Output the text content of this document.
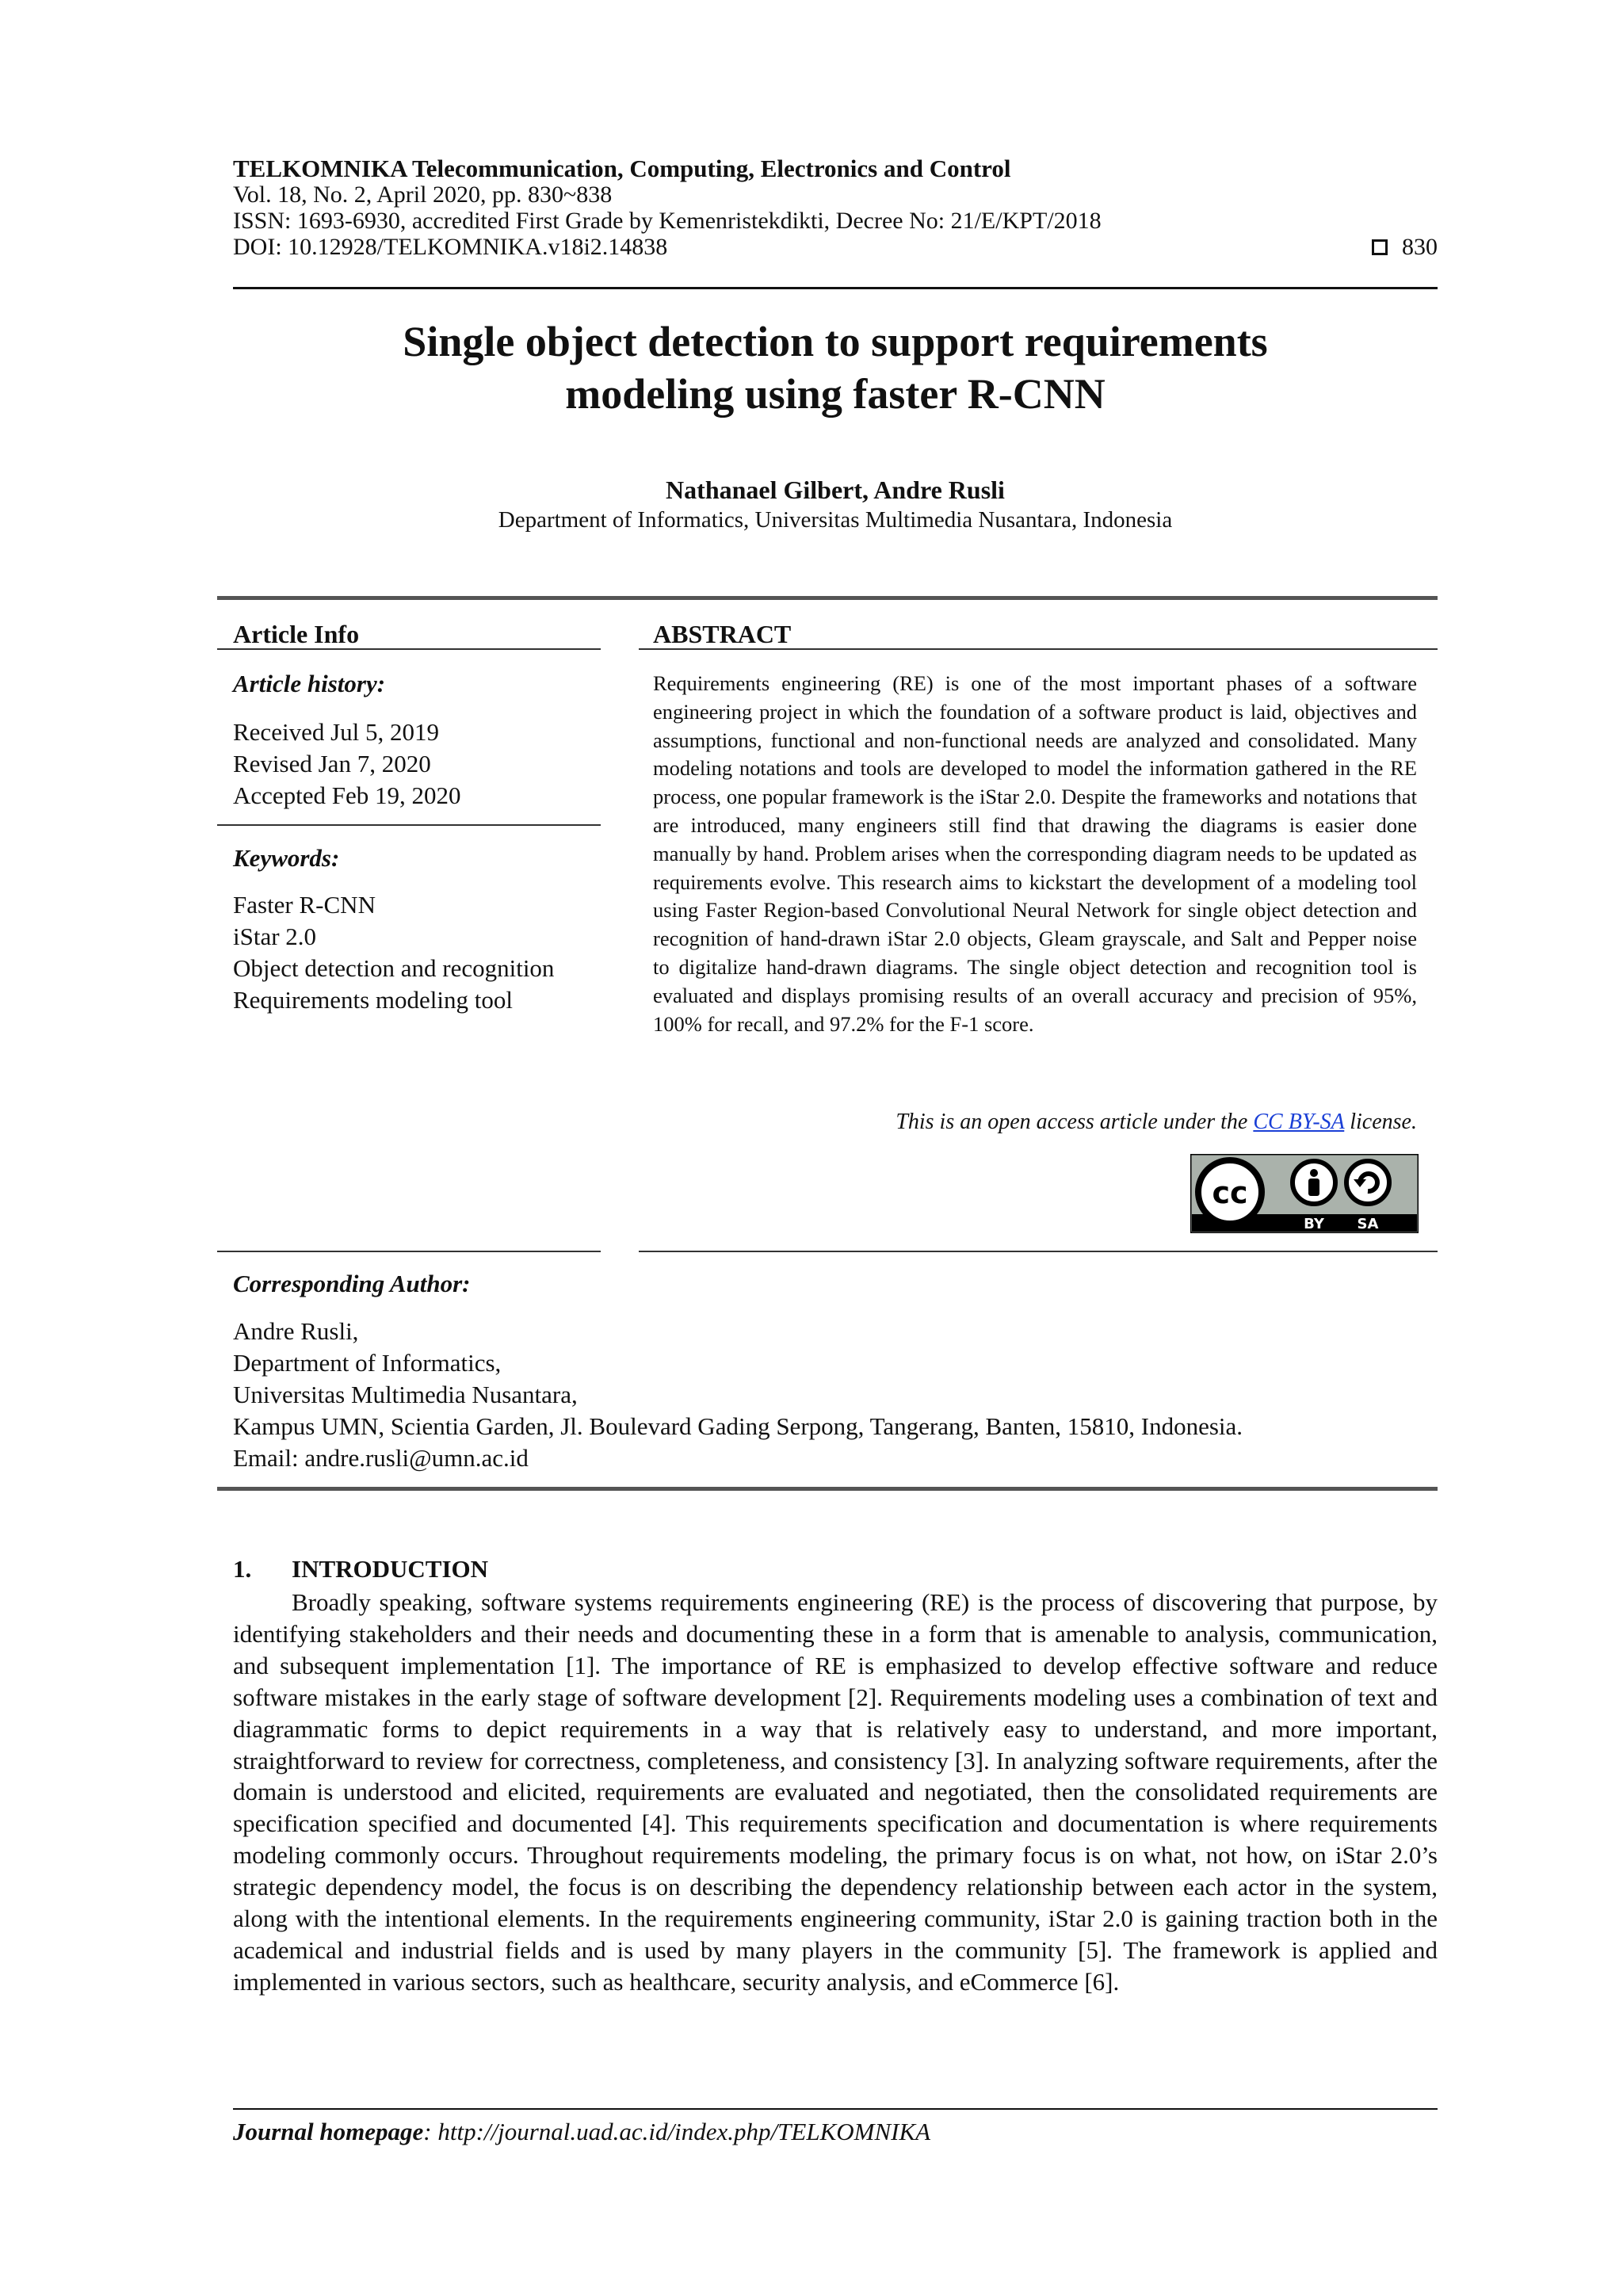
TELKOMNIKA Telecommunication, Computing, Electronics and Control
Vol. 18, No. 2, April 2020, pp. 830~838
ISSN: 1693-6930, accredited First Grade by Kemenristekdikti, Decree No: 21/E/KPT/2018
DOI: 10.12928/TELKOMNIKA.v18i2.14838	830
Single object detection to support requirements
modeling using faster R-CNN
Nathanael Gilbert, Andre Rusli
Department of Informatics, Universitas Multimedia Nusantara, Indonesia
Article Info
Article history:
Received Jul 5, 2019
Revised Jan 7, 2020
Accepted Feb 19, 2020
Keywords:
Faster R-CNN
iStar 2.0
Object detection and recognition
Requirements modeling tool
ABSTRACT
Requirements engineering (RE) is one of the most important phases of a software engineering project in which the foundation of a software product is laid, objectives and assumptions, functional and non-functional needs are analyzed and consolidated. Many modeling notations and tools are developed to model the information gathered in the RE process, one popular framework is the iStar 2.0. Despite the frameworks and notations that are introduced, many engineers still find that drawing the diagrams is easier done manually by hand. Problem arises when the corresponding diagram needs to be updated as requirements evolve. This research aims to kickstart the development of a modeling tool using Faster Region-based Convolutional Neural Network for single object detection and recognition of hand-drawn iStar 2.0 objects, Gleam grayscale, and Salt and Pepper noise to digitalize hand-drawn diagrams. The single object detection and recognition tool is evaluated and displays promising results of an overall accuracy and precision of 95%, 100% for recall, and 97.2% for the F-1 score.
This is an open access article under the CC BY-SA license.
cc
BY SA
Corresponding Author:
Andre Rusli,
Department of Informatics,
Universitas Multimedia Nusantara,
Kampus UMN, Scientia Garden, Jl. Boulevard Gading Serpong, Tangerang, Banten, 15810, Indonesia.
Email: andre.rusli@umn.ac.id
1. INTRODUCTION
Broadly speaking, software systems requirements engineering (RE) is the process of discovering that purpose, by identifying stakeholders and their needs and documenting these in a form that is amenable to analysis, communication, and subsequent implementation [1]. The importance of RE is emphasized to develop effective software and reduce software mistakes in the early stage of software development [2]. Requirements modeling uses a combination of text and diagrammatic forms to depict requirements in a way that is relatively easy to understand, and more important, straightforward to review for correctness, completeness, and consistency [3]. In analyzing software requirements, after the domain is understood and elicited, requirements are evaluated and negotiated, then the consolidated requirements are specification specified and documented [4]. This requirements specification and documentation is where requirements modeling commonly occurs. Throughout requirements modeling, the primary focus is on what, not how, on iStar 2.0’s strategic dependency model, the focus is on describing the dependency relationship between each actor in the system, along with the intentional elements. In the requirements engineering community, iStar 2.0 is gaining traction both in the academical and industrial fields and is used by many players in the community [5]. The framework is applied and implemented in various sectors, such as healthcare, security analysis, and eCommerce [6].
Journal homepage: http://journal.uad.ac.id/index.php/TELKOMNIKA
